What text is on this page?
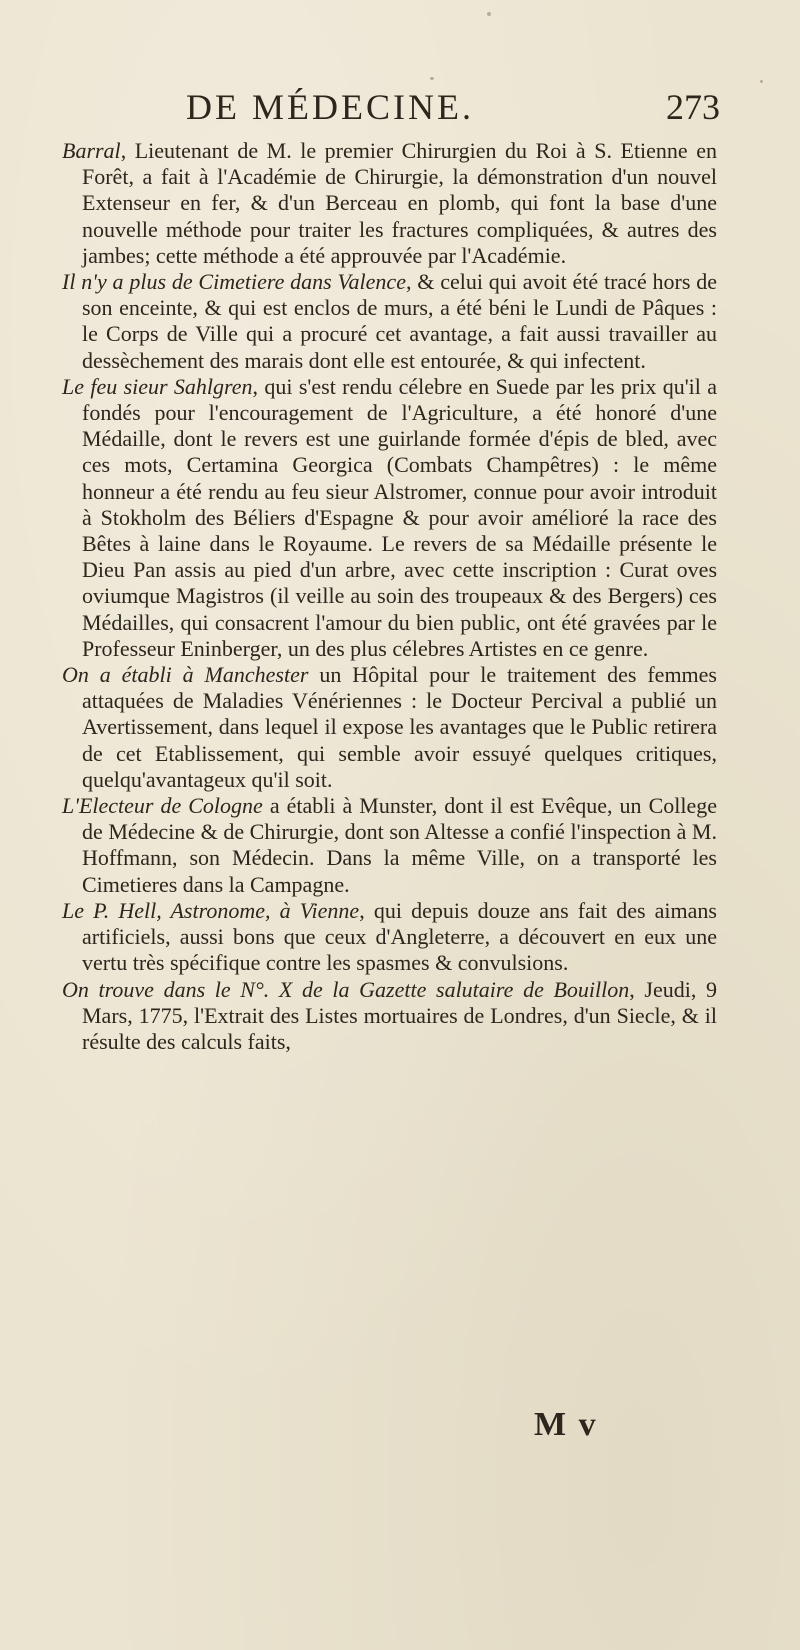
DE MÉDECINE.	273

Barral, Lieutenant de M. le premier Chirurgien du Roi à S. Etienne en Forêt, a fait à l'Académie de Chirurgie, la démonstration d'un nouvel Extenseur en fer, & d'un Berceau en plomb, qui font la base d'une nouvelle méthode pour traiter les fractures compliquées, & autres des jambes; cette méthode a été approuvée par l'Académie.

Il n'y a plus de Cimetiere dans Valence, & celui qui avoit été tracé hors de son enceinte, & qui est enclos de murs, a été béni le Lundi de Pâques : le Corps de Ville qui a procuré cet avantage, a fait aussi travailler au dessèchement des marais dont elle est entourée, & qui infectent.

Le feu sieur Sahlgren, qui s'est rendu célebre en Suede par les prix qu'il a fondés pour l'encouragement de l'Agriculture, a été honoré d'une Médaille, dont le revers est une guirlande formée d'épis de bled, avec ces mots, Certamina Georgica (Combats Champêtres) : le même honneur a été rendu au feu sieur Alstromer, connue pour avoir introduit à Stokholm des Béliers d'Espagne & pour avoir amélioré la race des Bêtes à laine dans le Royaume. Le revers de sa Médaille présente le Dieu Pan assis au pied d'un arbre, avec cette inscription : Curat oves oviumque Magistros (il veille au soin des troupeaux & des Bergers) ces Médailles, qui consacrent l'amour du bien public, ont été gravées par le Professeur Eninberger, un des plus célebres Artistes en ce genre.

On a établi à Manchester un Hôpital pour le traitement des femmes attaquées de Maladies Vénériennes : le Docteur Percival a publié un Avertissement, dans lequel il expose les avantages que le Public retirera de cet Etablissement, qui semble avoir essuyé quelques critiques, quelqu'avantageux qu'il soit.

L'Electeur de Cologne a établi à Munster, dont il est Evêque, un College de Médecine & de Chirurgie, dont son Altesse a confié l'inspection à M. Hoffmann, son Médecin. Dans la même Ville, on a transporté les Cimetieres dans la Campagne.

Le P. Hell, Astronome, à Vienne, qui depuis douze ans fait des aimans artificiels, aussi bons que ceux d'Angleterre, a découvert en eux une vertu très spécifique contre les spasmes & convulsions.

On trouve dans le N°. X de la Gazette salutaire de Bouillon, Jeudi, 9 Mars, 1775, l'Extrait des Listes mortuaires de Londres, d'un Siecle, & il résulte des calculs faits,

M v
